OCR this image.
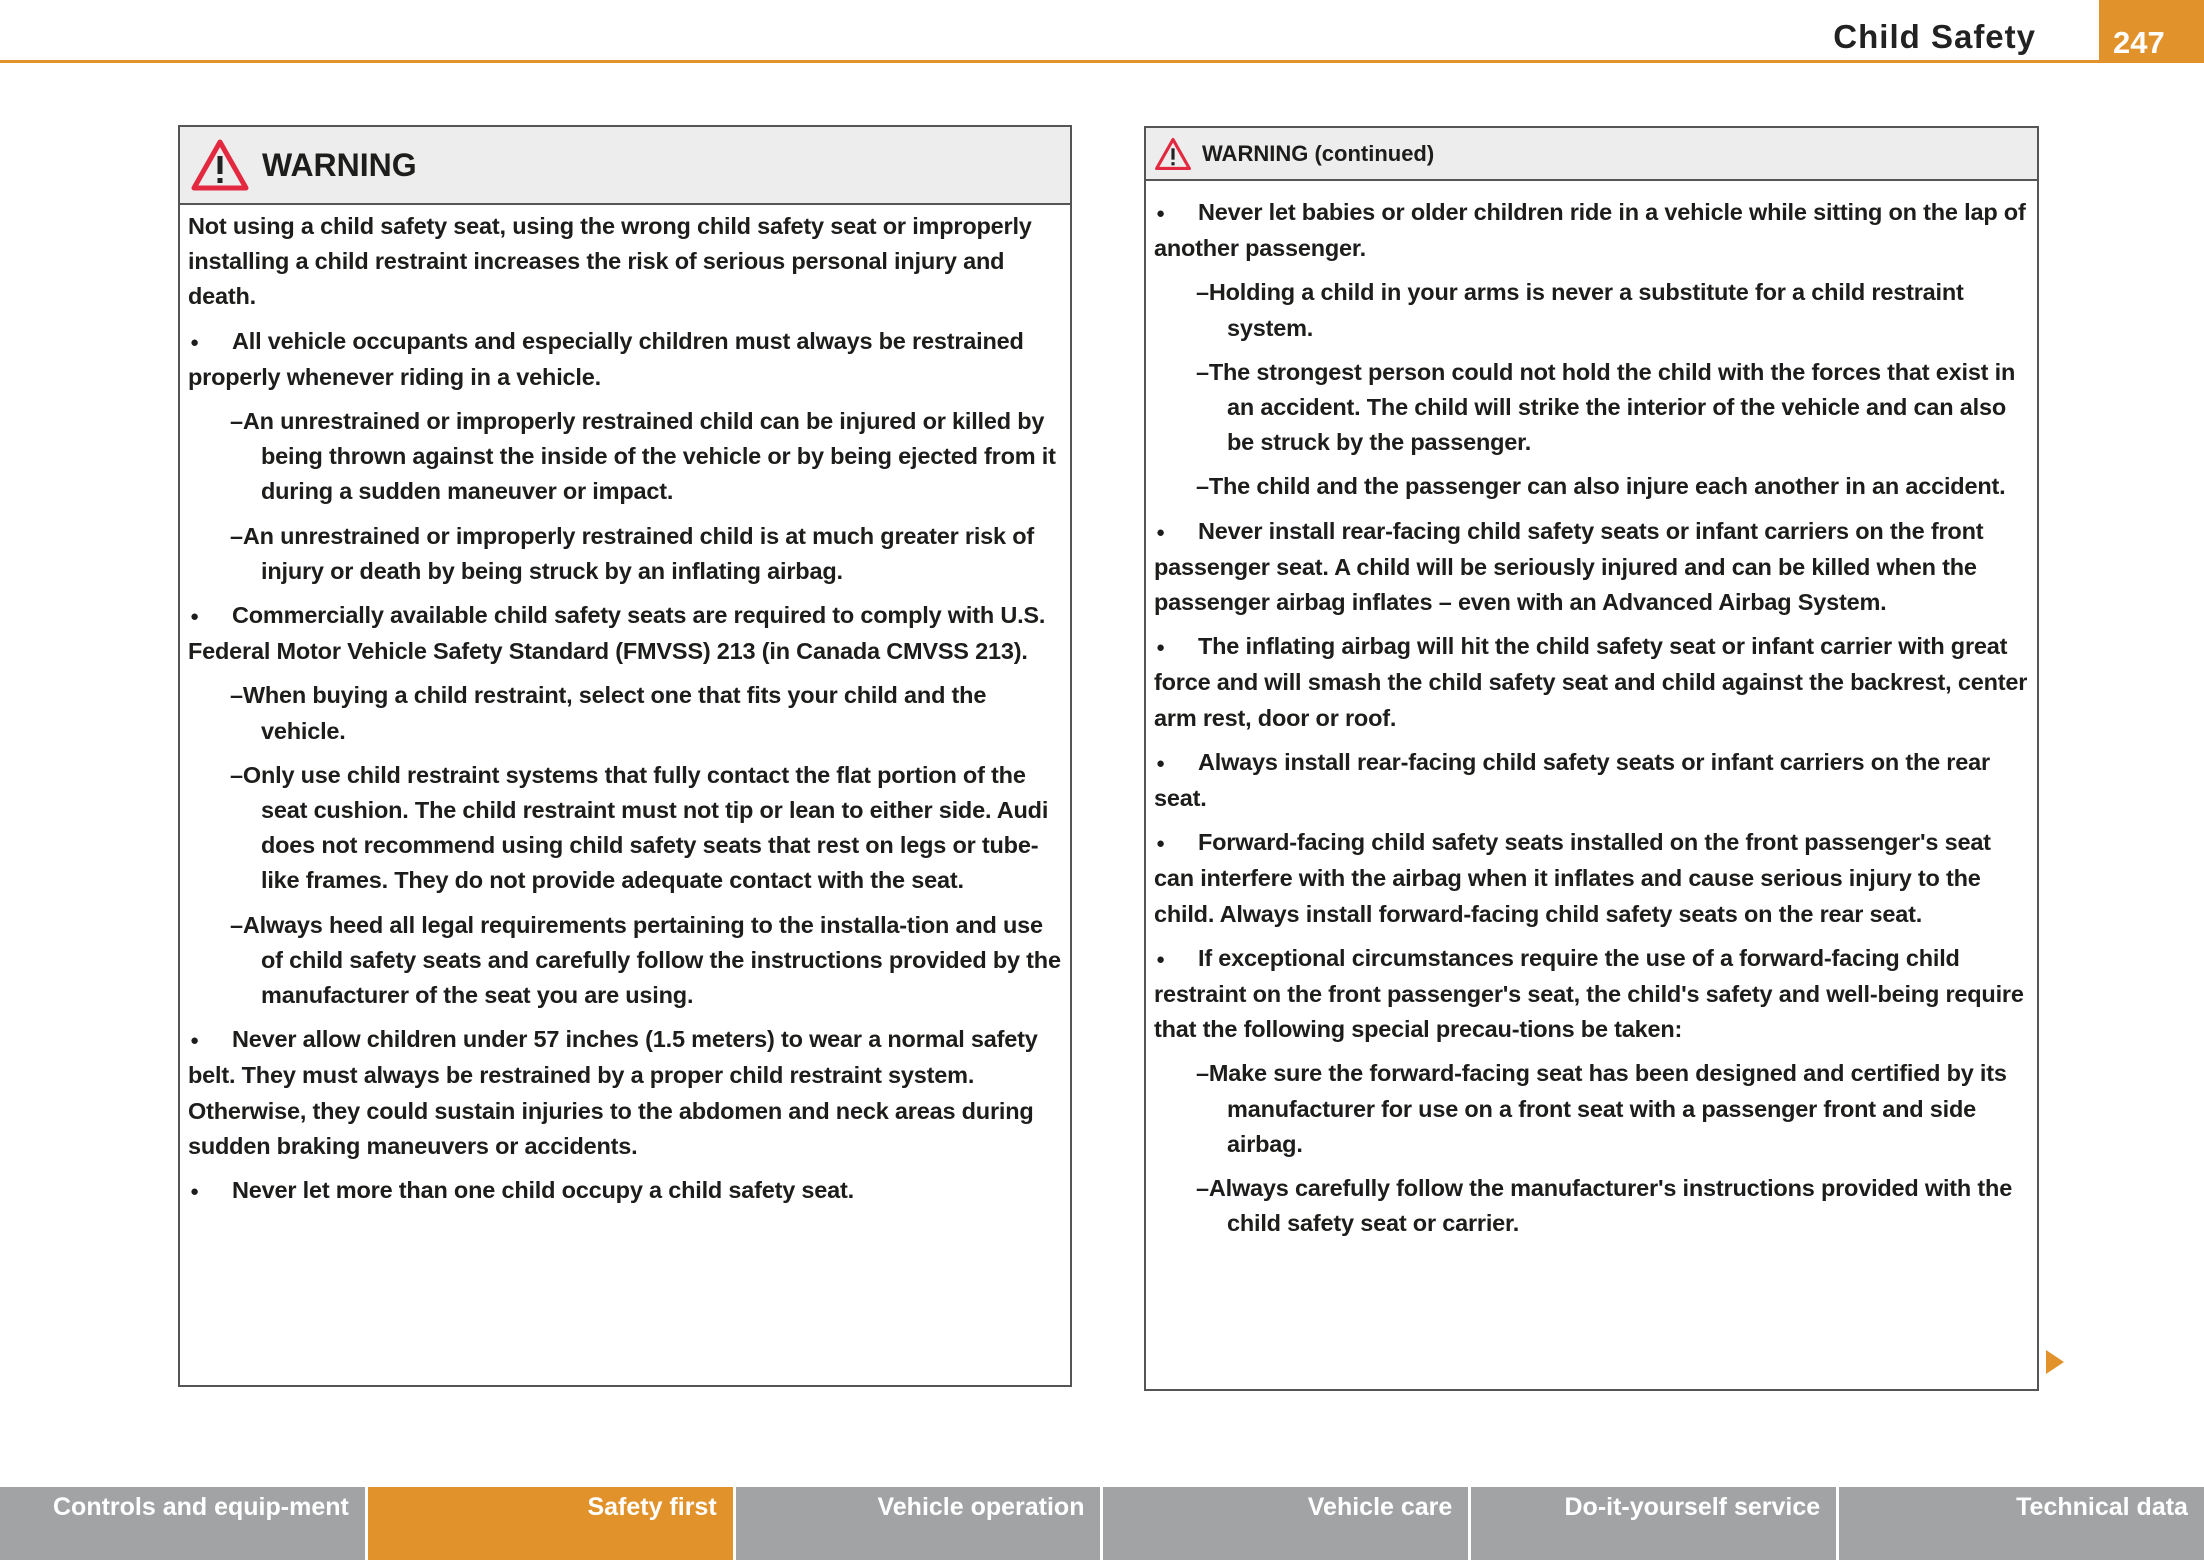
Child Safety	247
WARNING
Not using a child safety seat, using the wrong child safety seat or improperly installing a child restraint increases the risk of serious personal injury and death.
● All vehicle occupants and especially children must always be restrained properly whenever riding in a vehicle.
–An unrestrained or improperly restrained child can be injured or killed by being thrown against the inside of the vehicle or by being ejected from it during a sudden maneuver or impact.
–An unrestrained or improperly restrained child is at much greater risk of injury or death by being struck by an inflating airbag.
● Commercially available child safety seats are required to comply with U.S. Federal Motor Vehicle Safety Standard (FMVSS) 213 (in Canada CMVSS 213).
–When buying a child restraint, select one that fits your child and the vehicle.
–Only use child restraint systems that fully contact the flat portion of the seat cushion. The child restraint must not tip or lean to either side. Audi does not recommend using child safety seats that rest on legs or tube-like frames. They do not provide adequate contact with the seat.
–Always heed all legal requirements pertaining to the installa-tion and use of child safety seats and carefully follow the instructions provided by the manufacturer of the seat you are using.
● Never allow children under 57 inches (1.5 meters) to wear a normal safety belt. They must always be restrained by a proper child restraint system. Otherwise, they could sustain injuries to the abdomen and neck areas during sudden braking maneuvers or accidents.
● Never let more than one child occupy a child safety seat.
WARNING (continued)
● Never let babies or older children ride in a vehicle while sitting on the lap of another passenger.
–Holding a child in your arms is never a substitute for a child restraint system.
–The strongest person could not hold the child with the forces that exist in an accident. The child will strike the interior of the vehicle and can also be struck by the passenger.
–The child and the passenger can also injure each another in an accident.
● Never install rear-facing child safety seats or infant carriers on the front passenger seat. A child will be seriously injured and can be killed when the passenger airbag inflates – even with an Advanced Airbag System.
● The inflating airbag will hit the child safety seat or infant carrier with great force and will smash the child safety seat and child against the backrest, center arm rest, door or roof.
● Always install rear-facing child safety seats or infant carriers on the rear seat.
● Forward-facing child safety seats installed on the front passenger's seat can interfere with the airbag when it inflates and cause serious injury to the child. Always install forward-facing child safety seats on the rear seat.
● If exceptional circumstances require the use of a forward-facing child restraint on the front passenger's seat, the child's safety and well-being require that the following special precau-tions be taken:
–Make sure the forward-facing seat has been designed and certified by its manufacturer for use on a front seat with a passenger front and side airbag.
–Always carefully follow the manufacturer's instructions provided with the child safety seat or carrier.
Controls and equip-ment	Safety first	Vehicle operation	Vehicle care	Do-it-yourself service	Technical data
